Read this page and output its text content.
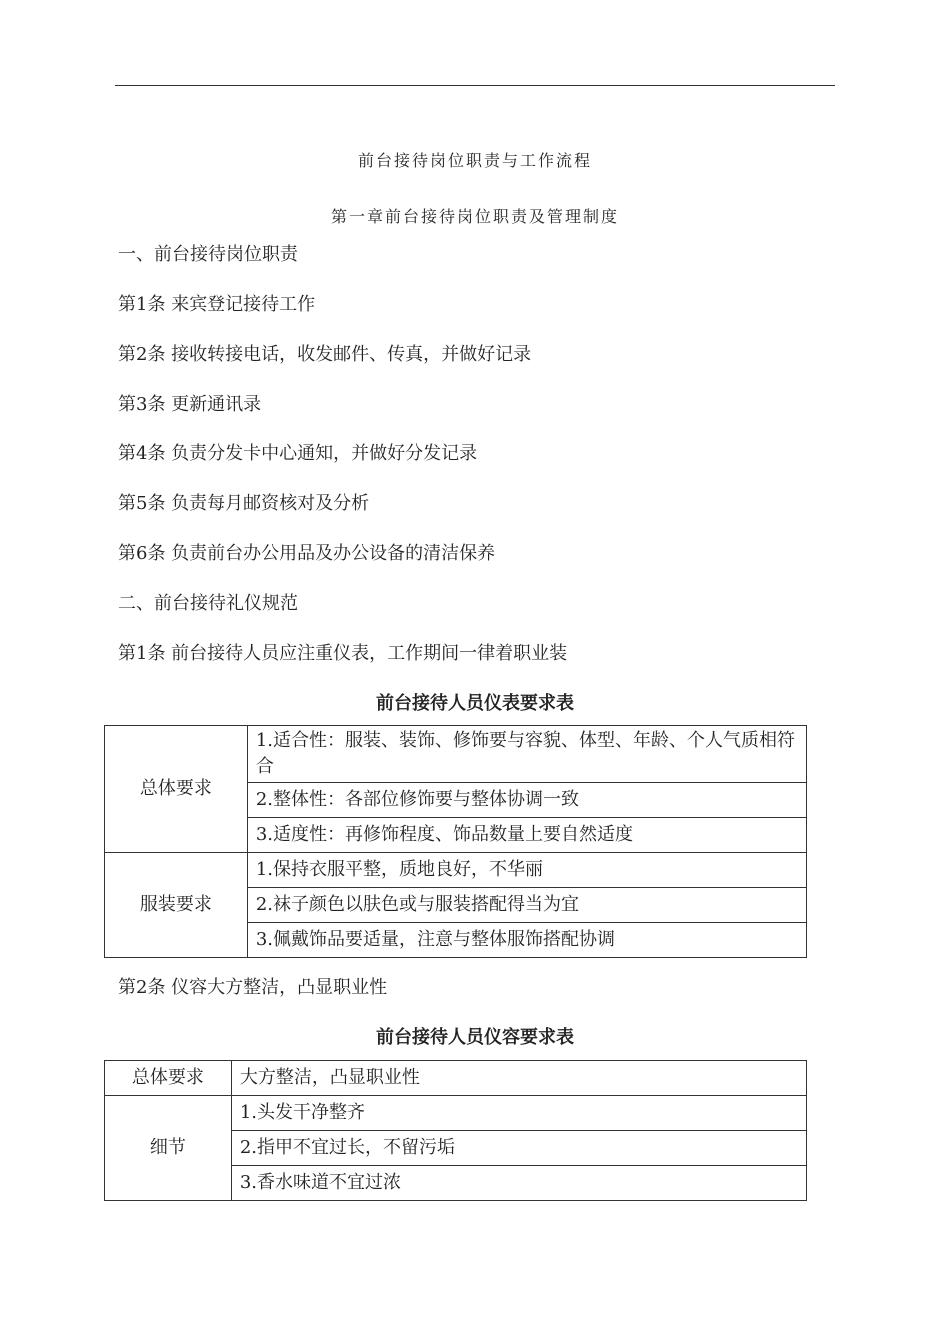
前台接待岗位职责与工作流程
第一章前台接待岗位职责及管理制度
一、前台接待岗位职责
第1条 来宾登记接待工作
第2条 接收转接电话，收发邮件、传真，并做好记录
第3条 更新通讯录
第4条 负责分发卡中心通知，并做好分发记录
第5条 负责每月邮资核对及分析
第6条 负责前台办公用品及办公设备的清洁保养
二、前台接待礼仪规范
第1条 前台接待人员应注重仪表，工作期间一律着职业装
前台接待人员仪表要求表
总体要求	1.适合性：服装、装饰、修饰要与容貌、体型、年龄、个人气质相符合
	2.整体性：各部位修饰要与整体协调一致
	3.适度性：再修饰程度、饰品数量上要自然适度
服装要求	1.保持衣服平整，质地良好，不华丽
	2.袜子颜色以肤色或与服装搭配得当为宜
	3.佩戴饰品要适量，注意与整体服饰搭配协调
第2条 仪容大方整洁，凸显职业性
前台接待人员仪容要求表
总体要求	大方整洁，凸显职业性
细节	1.头发干净整齐
	2.指甲不宜过长，不留污垢
	3.香水味道不宜过浓
